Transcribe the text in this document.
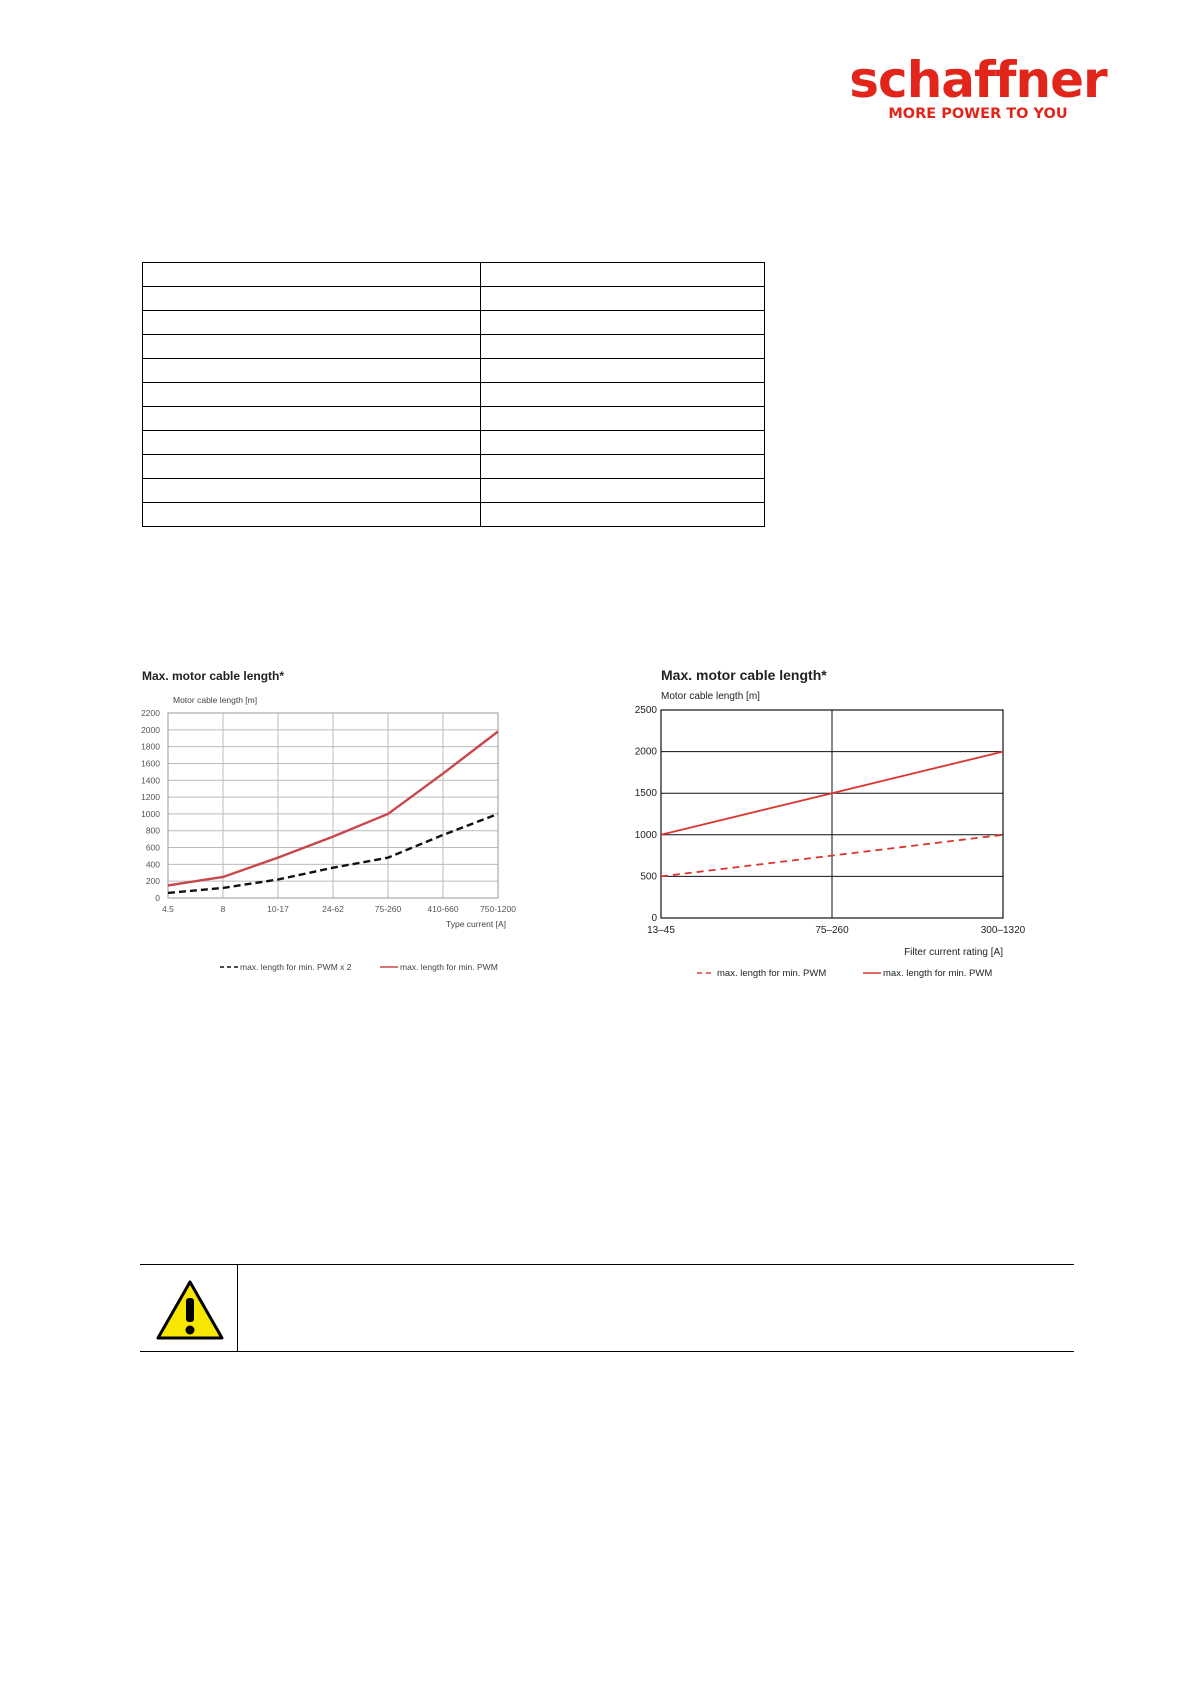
schaffner
MORE POWER TO YOU

Max. motor cable length*
Motor cable length [m]
0
200
400
600
800
1000
1200
1400
1600
1800
2000
2200
4.5	8	10-17	24-62	75-260	410-660	750-1200
Type current [A]
max. length for min. PWM x 2	max. length for min. PWM
Max. motor cable length*
Motor cable length [m]
0
500
1000
1500
2000
2500
13–45	75–260	300–1320
Filter current rating [A]
max. length for min. PWM	max. length for min. PWM
